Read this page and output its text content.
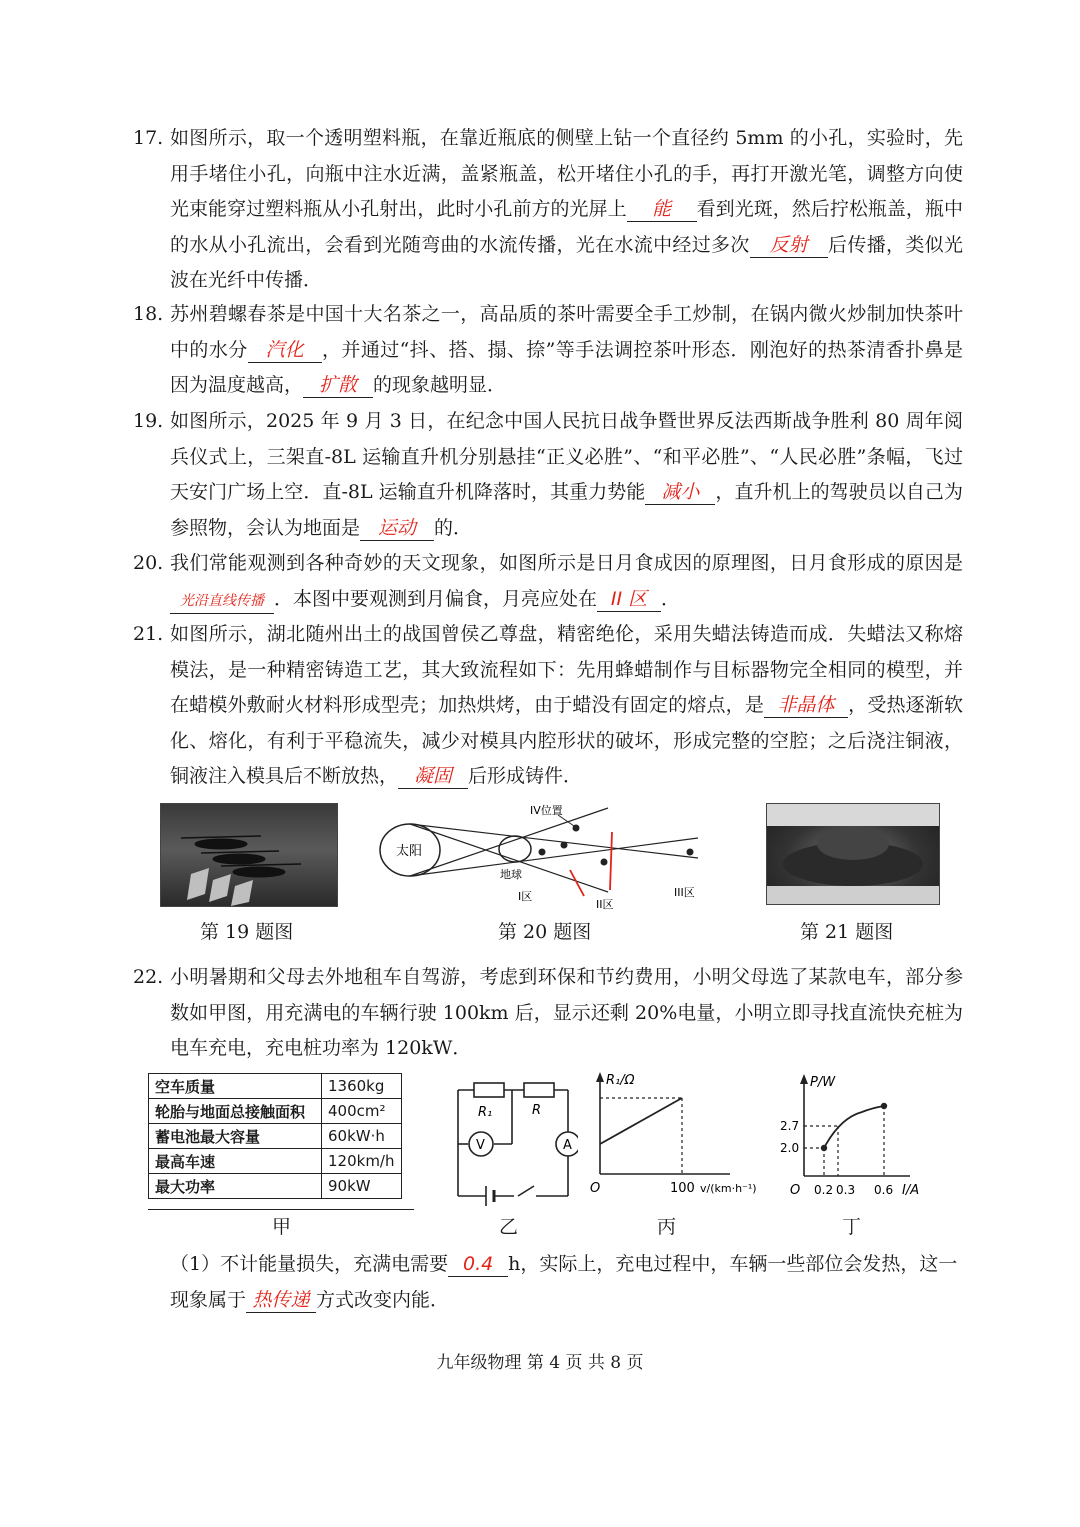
17. 如图所示，取一个透明塑料瓶，在靠近瓶底的侧壁上钻一个直径约 5mm 的小孔，实验时，先用手堵住小孔，向瓶中注水近满，盖紧瓶盖，松开堵住小孔的手，再打开激光笔，调整方向使光束能穿过塑料瓶从小孔射出，此时小孔前方的光屏上 能 看到光斑，然后拧松瓶盖，瓶中的水从小孔流出，会看到光随弯曲的水流传播，光在水流中经过多次 反射 后传播，类似光波在光纤中传播．
18. 苏州碧螺春茶是中国十大名茶之一，高品质的茶叶需要全手工炒制，在锅内微火炒制加快茶叶中的水分 汽化 ，并通过“抖、搭、搨、捺”等手法调控茶叶形态．刚泡好的热茶清香扑鼻是因为温度越高， 扩散 的现象越明显．
19. 如图所示，2025 年 9 月 3 日，在纪念中国人民抗日战争暨世界反法西斯战争胜利 80 周年阅兵仪式上，三架直-8L 运输直升机分别悬挂“正义必胜”、“和平必胜”、“人民必胜”条幅，飞过天安门广场上空．直-8L 运输直升机降落时，其重力势能 减小 ，直升机上的驾驶员以自己为参照物，会认为地面是 运动 的．
20. 我们常能观测到各种奇妙的天文现象，如图所示是日月食成因的原理图，日月食形成的原因是光沿直线传播 ．本图中要观测到月偏食，月亮应处在 II 区 ．
21. 如图所示，湖北随州出土的战国曾侯乙尊盘，精密绝伦，采用失蜡法铸造而成．失蜡法又称熔模法，是一种精密铸造工艺，其大致流程如下：先用蜂蜡制作与目标器物完全相同的模型，并在蜡模外敷耐火材料形成型壳；加热烘烤，由于蜡没有固定的熔点，是 非晶体 ，受热逐渐软化、熔化，有利于平稳流失，减少对模具内腔形状的破坏，形成完整的空腔；之后浇注铜液，铜液注入模具后不断放热， 凝固 后形成铸件．
第 19 题图
太阳
IV位置
地球
I区
II区
III区
第 20 题图	第 21 题图
22. 小明暑期和父母去外地租车自驾游，考虑到环保和节约费用，小明父母选了某款电车，部分参数如甲图，用充满电的车辆行驶 100km 后，显示还剩 20%电量，小明立即寻找直流快充桩为电车充电，充电桩功率为 120kW．
空车质量	1360kg
轮胎与地面总接触面积	400cm²
蓄电池最大容量	60kW·h
最高车速	120km/h
最大功率	90kW
甲
V	A
R₁	R
乙
R₁/Ω
O	100 v/(km·h⁻¹)
丙
P/W
2.7
2.0
O 0.2 0.3 0.6 I/A
丁
（1）不计能量损失，充满电需要 0.4 h，实际上，充电过程中，车辆一些部位会发热，这一现象属于 热传递 方式改变内能．
九年级物理 第 4 页 共 8 页
